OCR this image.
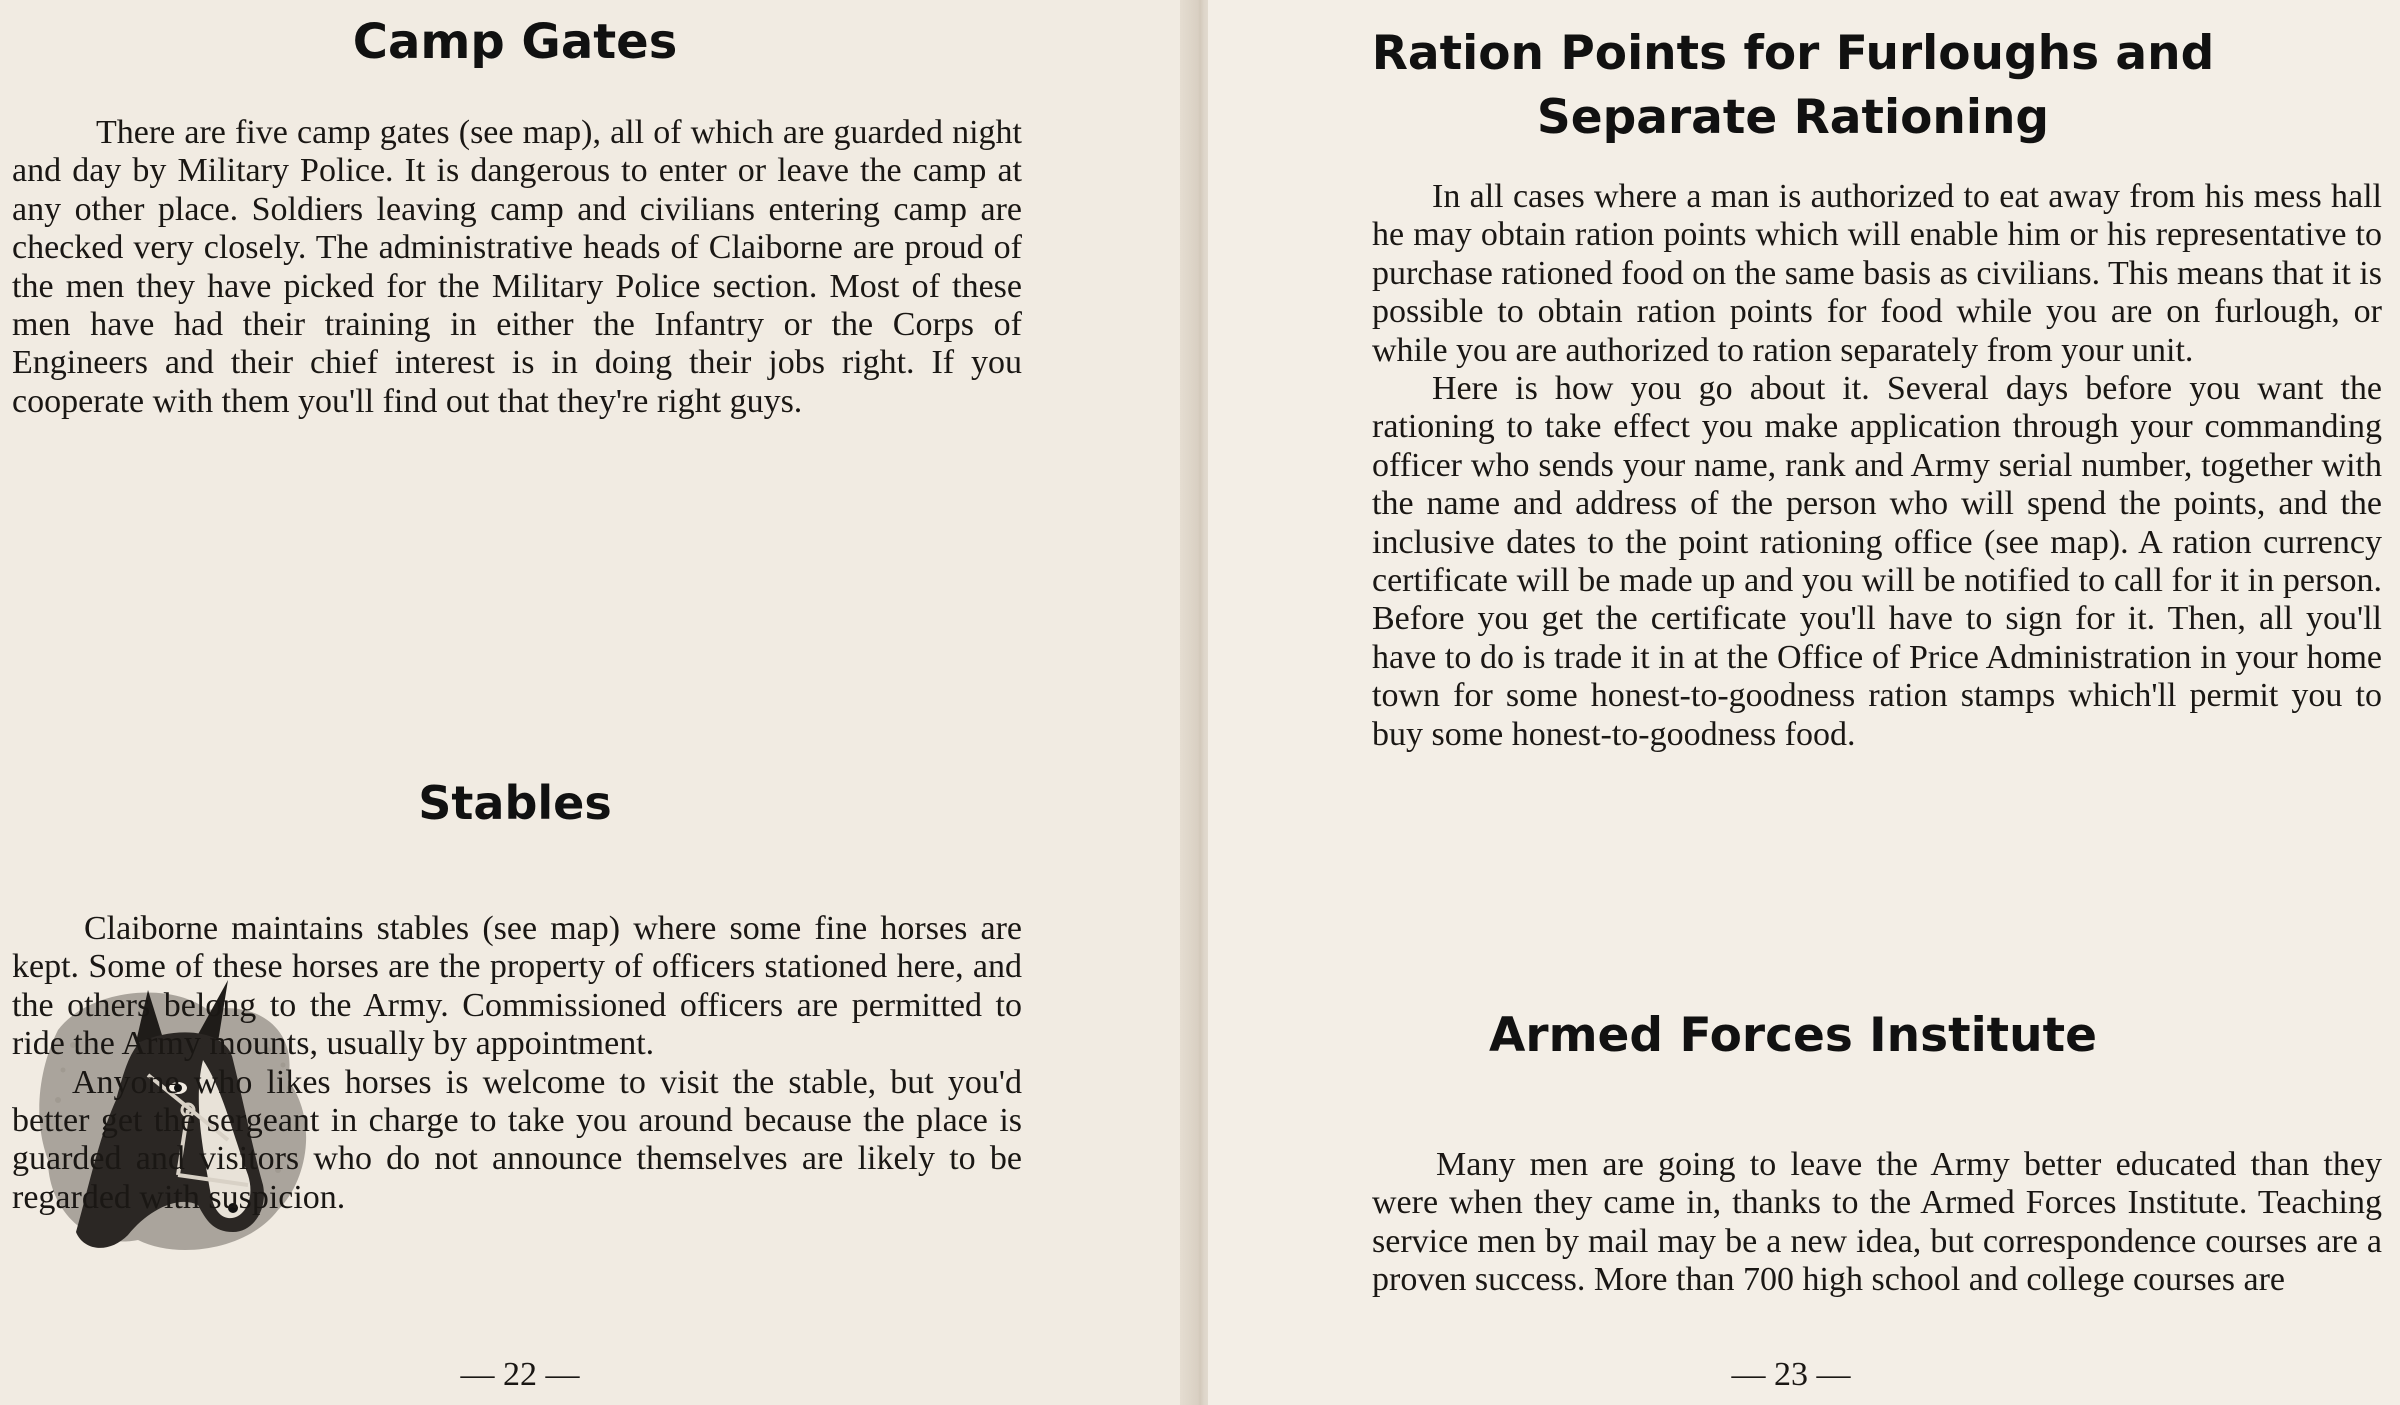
Camp Gates

There are five camp gates (see map), all of which are guarded night and day by Military Police. It is dangerous to enter or leave the camp at any other place. Soldiers leaving camp and civilians entering camp are checked very closely. The administrative heads of Claiborne are proud of the men they have picked for the Military Police section. Most of these men have had their training in either the Infantry or the Corps of Engineers and their chief interest is in doing their jobs right. If you cooperate with them you'll find out that they're right guys.

Stables

Claiborne maintains stables (see map) where some fine horses are kept. Some of these horses are the property of officers stationed here, and the others belong to the Army. Commissioned officers are permitted to ride the Army mounts, usually by appointment.

Anyone who likes horses is welcome to visit the stable, but you'd better get the sergeant in charge to take you around because the place is guarded and visitors who do not announce themselves are likely to be regarded with suspicion.

— 22 —
Ration Points for Furloughs and
Separate Rationing

In all cases where a man is authorized to eat away from his mess hall he may obtain ration points which will enable him or his representative to purchase rationed food on the same basis as civilians. This means that it is possible to obtain ration points for food while you are on furlough, or while you are authorized to ration separately from your unit.

Here is how you go about it. Several days before you want the rationing to take effect you make application through your commanding officer who sends your name, rank and Army serial number, together with the name and address of the person who will spend the points, and the inclusive dates to the point rationing office (see map). A ration currency certificate will be made up and you will be notified to call for it in person. Before you get the certificate you'll have to sign for it. Then, all you'll have to do is trade it in at the Office of Price Administration in your home town for some honest-to-goodness ration stamps which'll permit you to buy some honest-to-goodness food.

Armed Forces Institute

Many men are going to leave the Army better educated than they were when they came in, thanks to the Armed Forces Institute. Teaching service men by mail may be a new idea, but correspondence courses are a proven success. More than 700 high school and college courses are

— 23 —
